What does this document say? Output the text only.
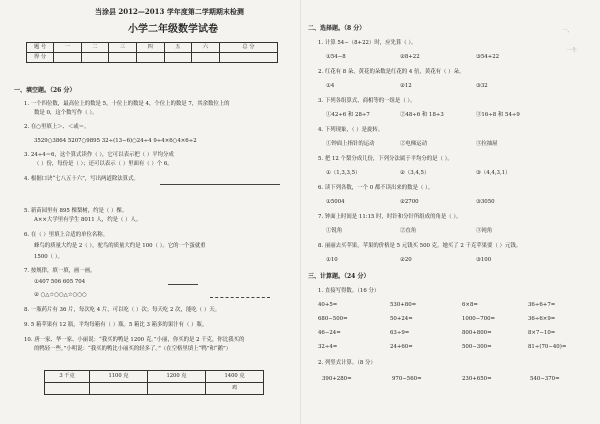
当涂县 2012—2013 学年度第二学期期末检测
小学二年级数学试卷
题 号	一	二	三	四	五	六	总 分
得 分							
一、填空题。（26 分）
1. 一个四位数，最高位上的数是 5，十位上的数是 4，个位上的数是 7，其余数位上的
数是 0，这个数写作（ ）。
2. 在○里填上＞、＜或＝。
3529○3864 5207○9895 32÷(13−6)○24÷4 9÷4×6○4×6÷2
3. 24÷4＝6，这个算式读作（ ），它可以表示把（ ）平均分成
（ ）份，每份是（ ）；还可以表示（ ）里面有（ ）个 6。
4. 根据口诀“七八五十六”，写出两道除法算式。
5. 新苗园里有 895 棵梨树，约是（ ）棵。
A××大学里有学生 8011 人，约是（ ）人。
6. 在（ ）里填上合适的单位名称。
蜂鸟的质量大约是 2（ ），驼鸟的质量大约是 100（ ）。它的一个蛋就重
1500（ ）。
7. 按规律，填一填，画一画。
①407 506 605 704
② ○△☆○○△☆○○○
8. 一瓶药片有 36 片，每次吃 4 片，可以吃（ ）次；每天吃 2 次，能吃（ ）天。
9. 5 箱苹果有 12 瓶，平均每箱有（ ）瓶。5 箱比 3 箱多的果汁有（ ）瓶。
10. 唐一家、华一家、小丽说：“我买的鸭是 1200 克。”小丽，你买的是 2 千克，你比我买的
的鸭轻一些。”小明说：“我买的鸭比小丽买的轻多了。”（在空格里填上“鸭”和“鹅”）
3 千克	1100 克	1200 克	1400 克
			鸡
二、选择题。（8 分）	一、
一个
1. 计算 54−（8+22）时，应先算（ ）。
①54−8	②8+22	③54+22
2. 红花有 8 朵，黄花的朵数是红花的 4 倍，黄花有（ ）朵。
①4	②12	③32
3. 下列各组算式，商相等的一组是（ ）。
①42÷6 和 28÷7	②48÷6 和 18÷3	③16÷8 和 54÷9
4. 下列现象，（ ）是旋转。
①钟面上指针的运动	②电梯运动	③拉抽屉
5. 把 12 个梨分成几份，下列分法属于平均分的是（ ）。
①（1,3,3,5）	②（3,4,5）	③（4,4,3,1）
6. 读下列各数，一个 0 都不读出来的数是（ ）。
①5004	②2700	③3050
7. 钟面上时间是 11:15 时，时针和分针所组成的角是（ ）。
①锐角	②直角	③钝角
8. 丽丽去买苹果，苹果的价格是 5 元钱买 500 克。她买了 2 千克苹果要（ ）元钱。
①10	②20	③100
三、计算题。（24 分）
1. 直接写得数。（16 分）
40+5=	530+80=	6×8=	36÷6+7=
680−500=	50+24=	1000−700=	36÷6×9=
46−24=	63÷9=	800+800=	8×7−10=
32÷4=	24+60=	500−300=	81÷(70−40)=
2. 列竖式计算。（8 分）
390+280=	970−560=	230+650=	540−370=
